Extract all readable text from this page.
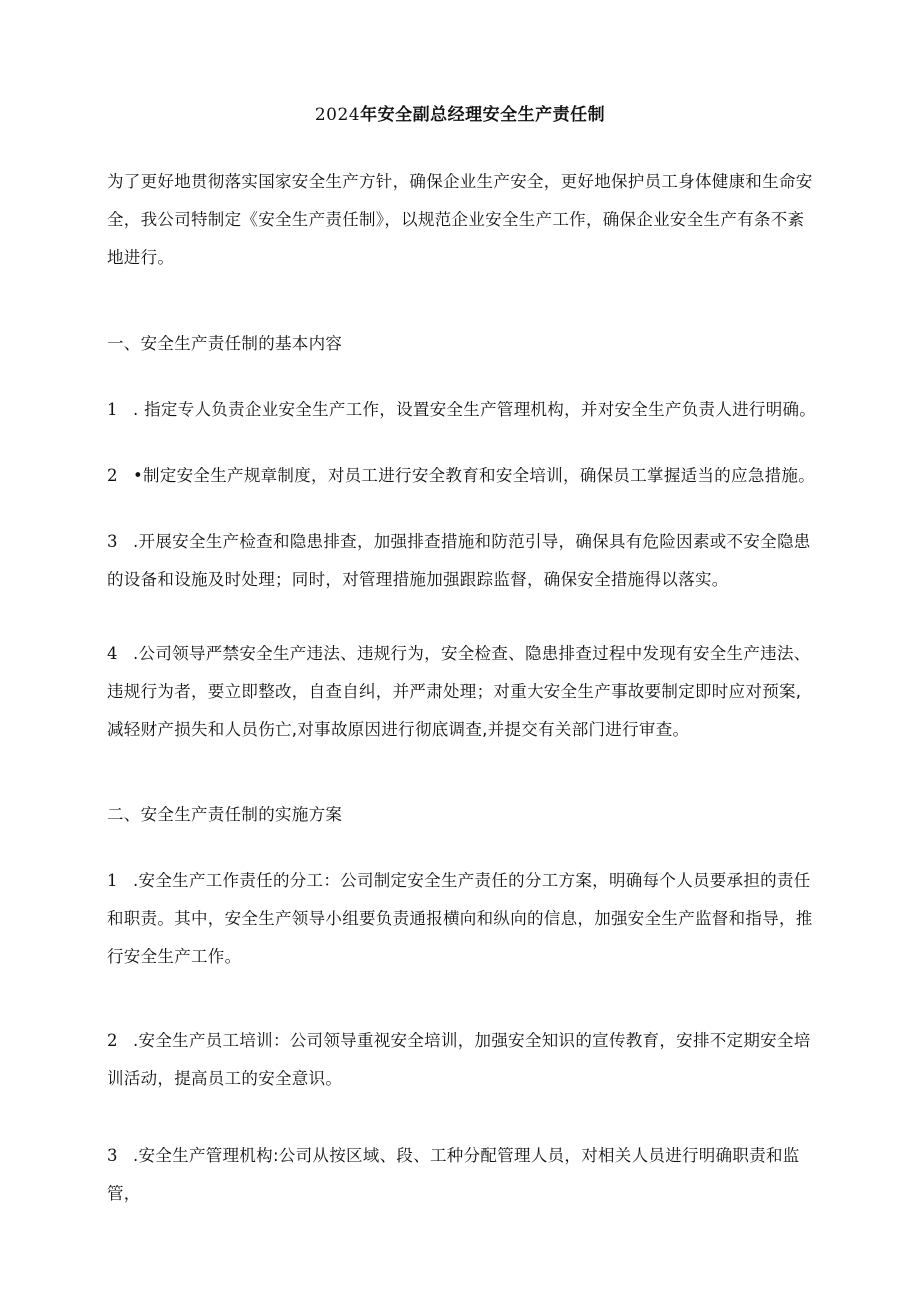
2024年安全副总经理安全生产责任制

为了更好地贯彻落实国家安全生产方针，确保企业生产安全，更好地保护员工身体健康和生命安全，我公司特制定《安全生产责任制》，以规范企业安全生产工作，确保企业安全生产有条不紊地进行。

一、安全生产责任制的基本内容

1 . 指定专人负责企业安全生产工作，设置安全生产管理机构，并对安全生产负责人进行明确。

2 •制定安全生产规章制度，对员工进行安全教育和安全培训，确保员工掌握适当的应急措施。

3 .开展安全生产检查和隐患排查，加强排查措施和防范引导，确保具有危险因素或不安全隐患的设备和设施及时处理；同时，对管理措施加强跟踪监督，确保安全措施得以落实。

4 .公司领导严禁安全生产违法、违规行为，安全检查、隐患排查过程中发现有安全生产违法、违规行为者，要立即整改，自查自纠，并严肃处理；对重大安全生产事故要制定即时应对预案,减轻财产损失和人员伤亡,对事故原因进行彻底调查,并提交有关部门进行审查。

二、安全生产责任制的实施方案

1 .安全生产工作责任的分工：公司制定安全生产责任的分工方案，明确每个人员要承担的责任和职责。其中，安全生产领导小组要负责通报横向和纵向的信息，加强安全生产监督和指导，推行安全生产工作。

2 .安全生产员工培训：公司领导重视安全培训，加强安全知识的宣传教育，安排不定期安全培训活动，提高员工的安全意识。

3 .安全生产管理机构:公司从按区域、段、工种分配管理人员，对相关人员进行明确职责和监管，
